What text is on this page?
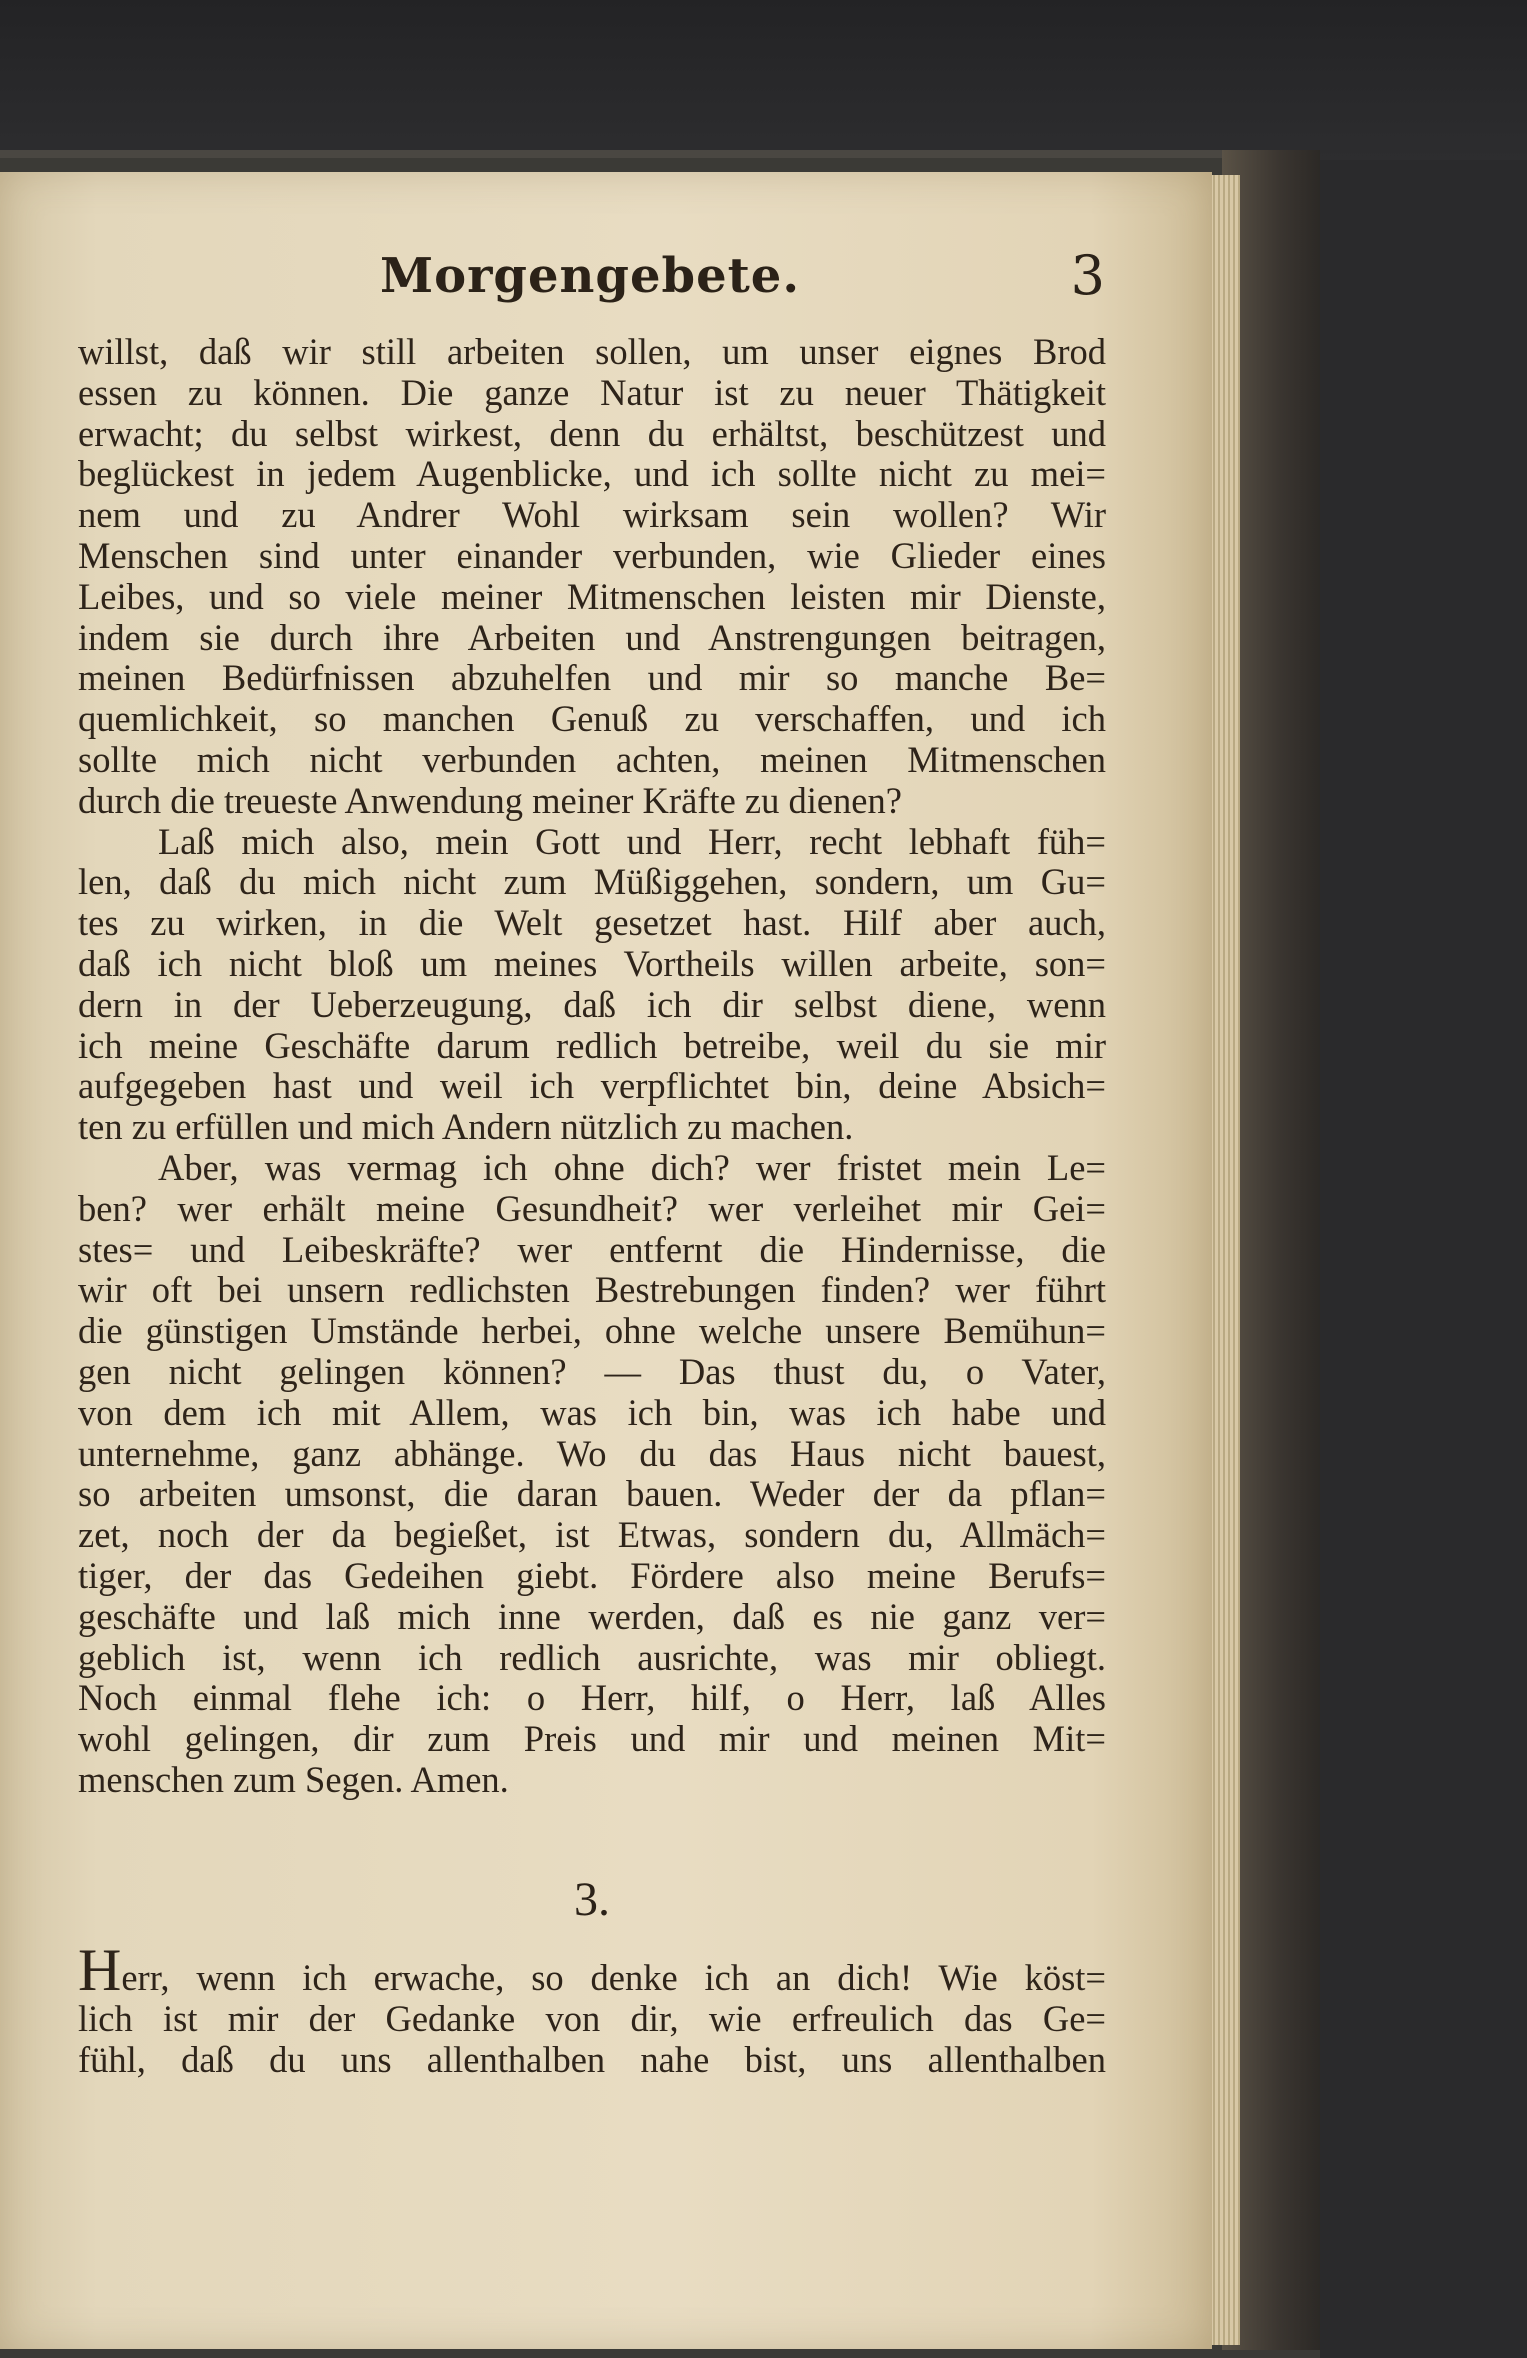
Morgengebete.	3
willst, daß wir still arbeiten sollen, um unser eignes Brod
essen zu können. Die ganze Natur ist zu neuer Thätigkeit
erwacht; du selbst wirkest, denn du erhältst, beschützest und
beglückest in jedem Augenblicke, und ich sollte nicht zu mei=
nem und zu Andrer Wohl wirksam sein wollen? Wir
Menschen sind unter einander verbunden, wie Glieder eines
Leibes, und so viele meiner Mitmenschen leisten mir Dienste,
indem sie durch ihre Arbeiten und Anstrengungen beitragen,
meinen Bedürfnissen abzuhelfen und mir so manche Be=
quemlichkeit, so manchen Genuß zu verschaffen, und ich
sollte mich nicht verbunden achten, meinen Mitmenschen
durch die treueste Anwendung meiner Kräfte zu dienen?
Laß mich also, mein Gott und Herr, recht lebhaft füh=
len, daß du mich nicht zum Müßiggehen, sondern, um Gu=
tes zu wirken, in die Welt gesetzet hast. Hilf aber auch,
daß ich nicht bloß um meines Vortheils willen arbeite, son=
dern in der Ueberzeugung, daß ich dir selbst diene, wenn
ich meine Geschäfte darum redlich betreibe, weil du sie mir
aufgegeben hast und weil ich verpflichtet bin, deine Absich=
ten zu erfüllen und mich Andern nützlich zu machen.
Aber, was vermag ich ohne dich? wer fristet mein Le=
ben? wer erhält meine Gesundheit? wer verleihet mir Gei=
stes= und Leibeskräfte? wer entfernt die Hindernisse, die
wir oft bei unsern redlichsten Bestrebungen finden? wer führt
die günstigen Umstände herbei, ohne welche unsere Bemühun=
gen nicht gelingen können? — Das thust du, o Vater,
von dem ich mit Allem, was ich bin, was ich habe und
unternehme, ganz abhänge. Wo du das Haus nicht bauest,
so arbeiten umsonst, die daran bauen. Weder der da pflan=
zet, noch der da begießet, ist Etwas, sondern du, Allmäch=
tiger, der das Gedeihen giebt. Fördere also meine Berufs=
geschäfte und laß mich inne werden, daß es nie ganz ver=
geblich ist, wenn ich redlich ausrichte, was mir obliegt.
Noch einmal flehe ich: o Herr, hilf, o Herr, laß Alles
wohl gelingen, dir zum Preis und mir und meinen Mit=
menschen zum Segen. Amen.
3.
Herr, wenn ich erwache, so denke ich an dich! Wie köst=
lich ist mir der Gedanke von dir, wie erfreulich das Ge=
fühl, daß du uns allenthalben nahe bist, uns allenthalben
